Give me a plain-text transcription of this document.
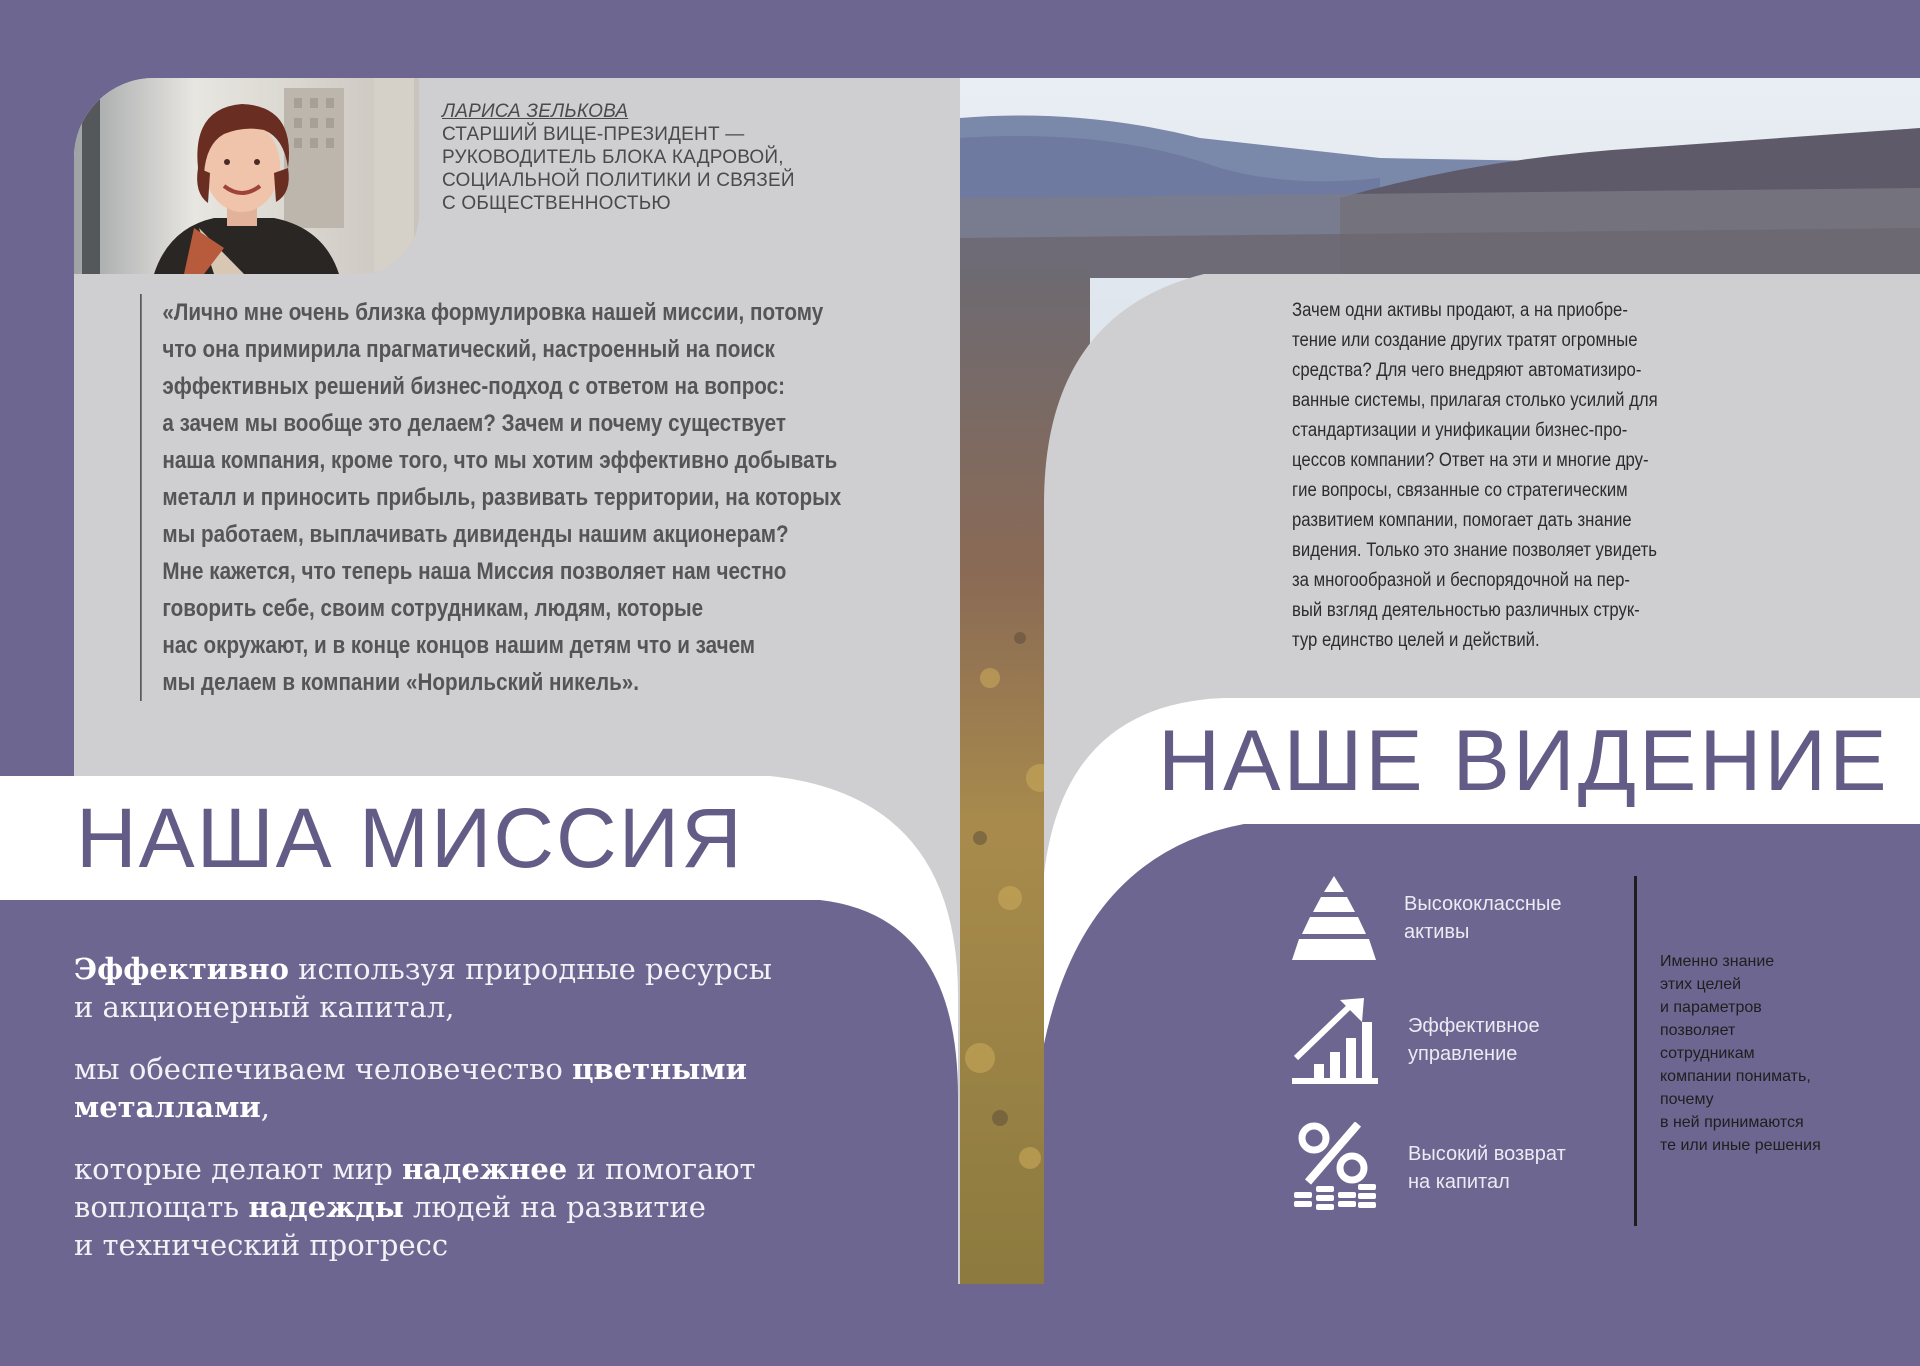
ЛАРИСА ЗЕЛЬКОВА
СТАРШИЙ ВИЦЕ-ПРЕЗИДЕНТ —
РУКОВОДИТЕЛЬ БЛОКА КАДРОВОЙ,
СОЦИАЛЬНОЙ ПОЛИТИКИ И СВЯЗЕЙ
С ОБЩЕСТВЕННОСТЬЮ
«Лично мне очень близка формулировка нашей миссии, потому
что она примирила прагматический, настроенный на поиск
эффективных решений бизнес-подход с ответом на вопрос:
а зачем мы вообще это делаем? Зачем и почему существует
наша компания, кроме того, что мы хотим эффективно добывать
металл и приносить прибыль, развивать территории, на которых
мы работаем, выплачивать дивиденды нашим акционерам?
Мне кажется, что теперь наша Миссия позволяет нам честно
говорить себе, своим сотрудникам, людям, которые
нас окружают, и в конце концов нашим детям что и зачем
мы делаем в компании «Норильский никель».
НАША МИССИЯ

Эффективно используя природные ресурсы
и акционерный капитал,

мы обеспечиваем человечество цветными
металлами,

которые делают мир надежнее и помогают
воплощать надежды людей на развитие
и технический прогресс

Зачем одни активы продают, а на приобре-
тение или создание других тратят огромные
средства? Для чего внедряют автоматизиро-
ванные системы, прилагая столько усилий для
стандартизации и унификации бизнес-про-
цессов компании? Ответ на эти и многие дру-
гие вопросы, связанные со стратегическим
развитием компании, помогает дать знание
видения. Только это знание позволяет увидеть
за многообразной и беспорядочной на пер-
вый взгляд деятельностью различных струк-
тур единство целей и действий.
НАШЕ ВИДЕНИЕ
Высококлассные
активы
Эффективное
управление
Высокий возврат
на капитал
Именно знание
этих целей
и параметров
позволяет
сотрудникам
компании понимать,
почему
в ней принимаются
те или иные решения
